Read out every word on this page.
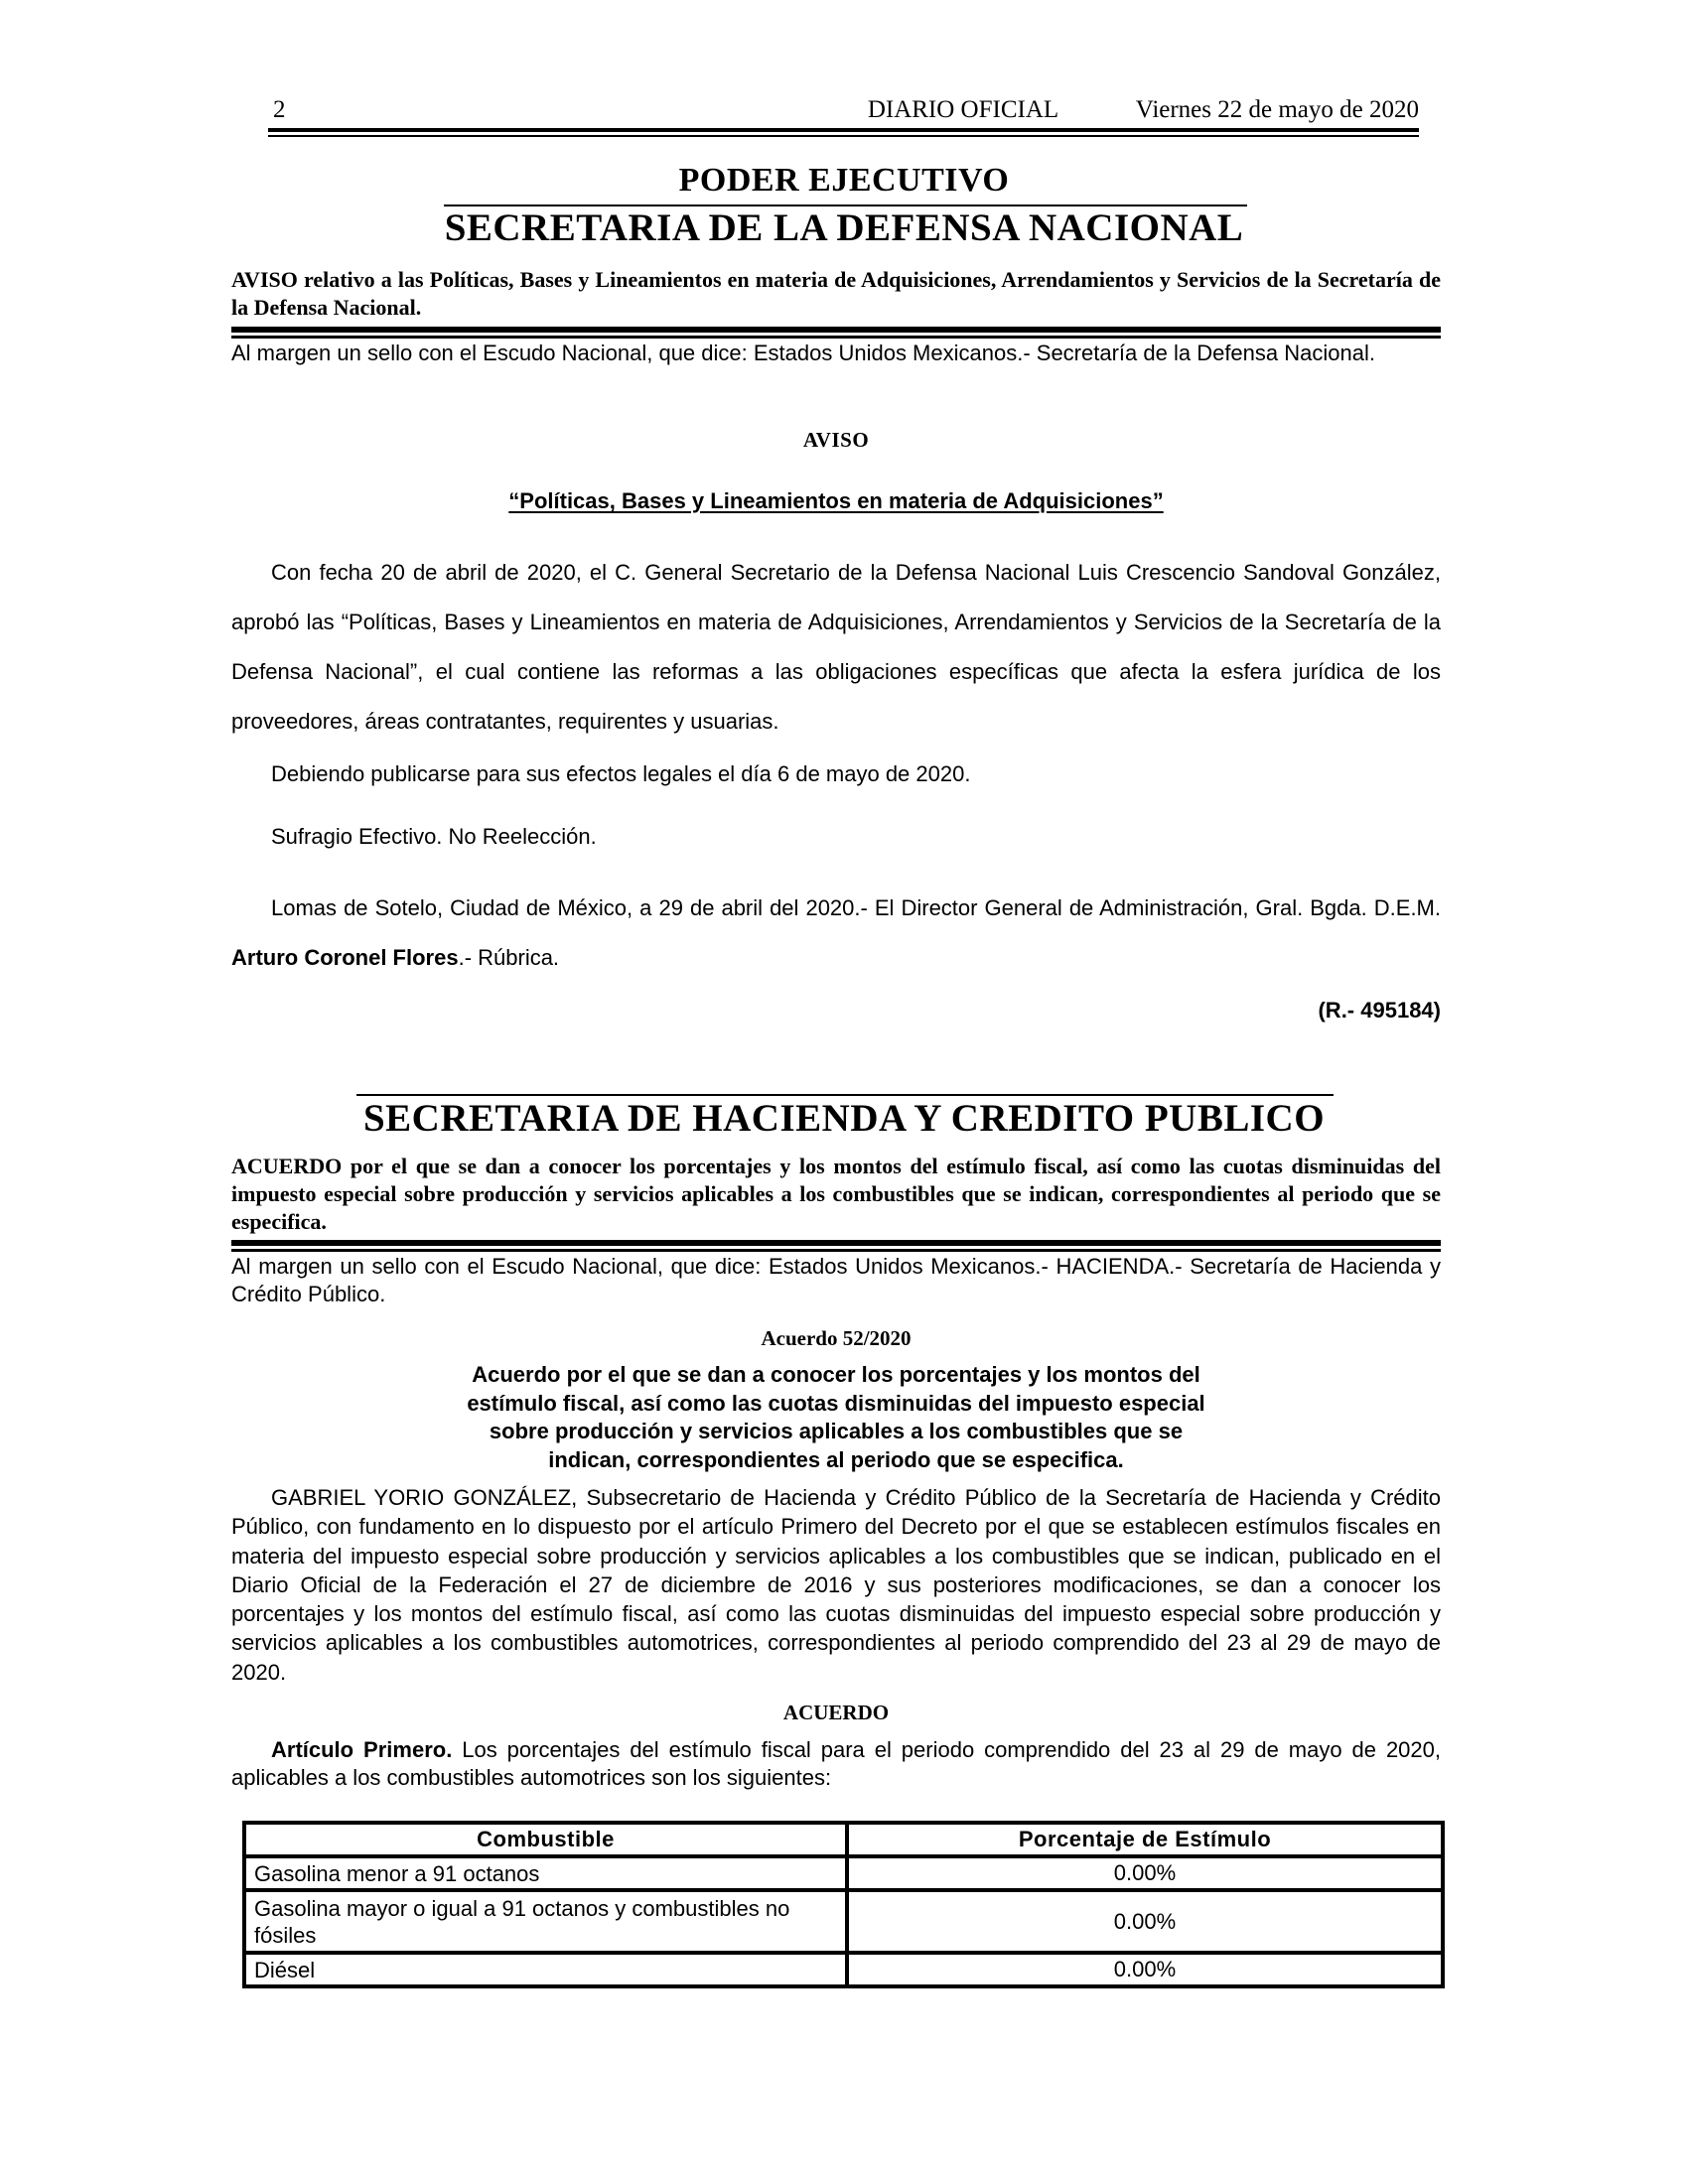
2	DIARIO OFICIAL	Viernes 22 de mayo de 2020
PODER EJECUTIVO
SECRETARIA DE LA DEFENSA NACIONAL
AVISO relativo a las Políticas, Bases y Lineamientos en materia de Adquisiciones, Arrendamientos y Servicios de la Secretaría de la Defensa Nacional.
Al margen un sello con el Escudo Nacional, que dice: Estados Unidos Mexicanos.- Secretaría de la Defensa Nacional.
AVISO
“Políticas, Bases y Lineamientos en materia de Adquisiciones”
Con fecha 20 de abril de 2020, el C. General Secretario de la Defensa Nacional Luis Crescencio Sandoval González, aprobó las “Políticas, Bases y Lineamientos en materia de Adquisiciones, Arrendamientos y Servicios de la Secretaría de la Defensa Nacional”, el cual contiene las reformas a las obligaciones específicas que afecta la esfera jurídica de los proveedores, áreas contratantes, requirentes y usuarias.
Debiendo publicarse para sus efectos legales el día 6 de mayo de 2020.
Sufragio Efectivo. No Reelección.
Lomas de Sotelo, Ciudad de México, a 29 de abril del 2020.- El Director General de Administración, Gral. Bgda. D.E.M. Arturo Coronel Flores.- Rúbrica.
(R.- 495184)
SECRETARIA DE HACIENDA Y CREDITO PUBLICO
ACUERDO por el que se dan a conocer los porcentajes y los montos del estímulo fiscal, así como las cuotas disminuidas del impuesto especial sobre producción y servicios aplicables a los combustibles que se indican, correspondientes al periodo que se especifica.
Al margen un sello con el Escudo Nacional, que dice: Estados Unidos Mexicanos.- HACIENDA.- Secretaría de Hacienda y Crédito Público.
Acuerdo 52/2020
Acuerdo por el que se dan a conocer los porcentajes y los montos del
estímulo fiscal, así como las cuotas disminuidas del impuesto especial
sobre producción y servicios aplicables a los combustibles que se
indican, correspondientes al periodo que se especifica.
GABRIEL YORIO GONZÁLEZ, Subsecretario de Hacienda y Crédito Público de la Secretaría de Hacienda y Crédito Público, con fundamento en lo dispuesto por el artículo Primero del Decreto por el que se establecen estímulos fiscales en materia del impuesto especial sobre producción y servicios aplicables a los combustibles que se indican, publicado en el Diario Oficial de la Federación el 27 de diciembre de 2016 y sus posteriores modificaciones, se dan a conocer los porcentajes y los montos del estímulo fiscal, así como las cuotas disminuidas del impuesto especial sobre producción y servicios aplicables a los combustibles automotrices, correspondientes al periodo comprendido del 23 al 29 de mayo de 2020.
ACUERDO
Artículo Primero. Los porcentajes del estímulo fiscal para el periodo comprendido del 23 al 29 de mayo de 2020, aplicables a los combustibles automotrices son los siguientes:
Combustible	Porcentaje de Estímulo
Gasolina menor a 91 octanos	0.00%
Gasolina mayor o igual a 91 octanos y combustibles no fósiles	0.00%
Diésel	0.00%
